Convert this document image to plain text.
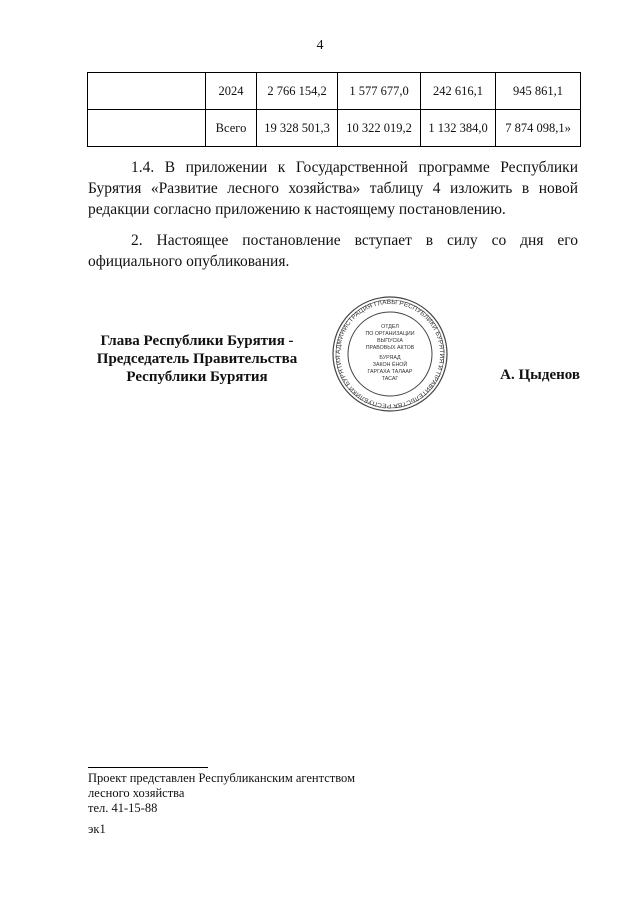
4
	2024	2 766 154,2	1 577 677,0	242 616,1	945 861,1
	Всего	19 328 501,3	10 322 019,2	1 132 384,0	7 874 098,1»

1.4. В приложении к Государственной программе Республики Бурятия «Развитие лесного хозяйства» таблицу 4 изложить в новой редакции согласно приложению к настоящему постановлению.

2. Настоящее постановление вступает в силу со дня его официального опубликования.

Глава Республики Бурятия -
Председатель Правительства
Республики Бурятия
АДМИНИСТРАЦИЯ ГЛАВЫ РЕСПУБЛИКИ БУРЯТИЯ И ПРАВИТЕЛЬСТВА РЕСПУБЛИКИ БУРЯТИЯ
ОТДЕЛ
ПО ОРГАНИЗАЦИИ
ВЫПУСКА
ПРАВОВЫХ АКТОВ
БУРЯАД
ЗАКОН ЁНОЙ
ГАРГАХА ТАЛААР
ТАСАГ	А. Цыденов
Проект представлен Республиканским агентством
лесного хозяйства
тел. 41-15-88
эк1
